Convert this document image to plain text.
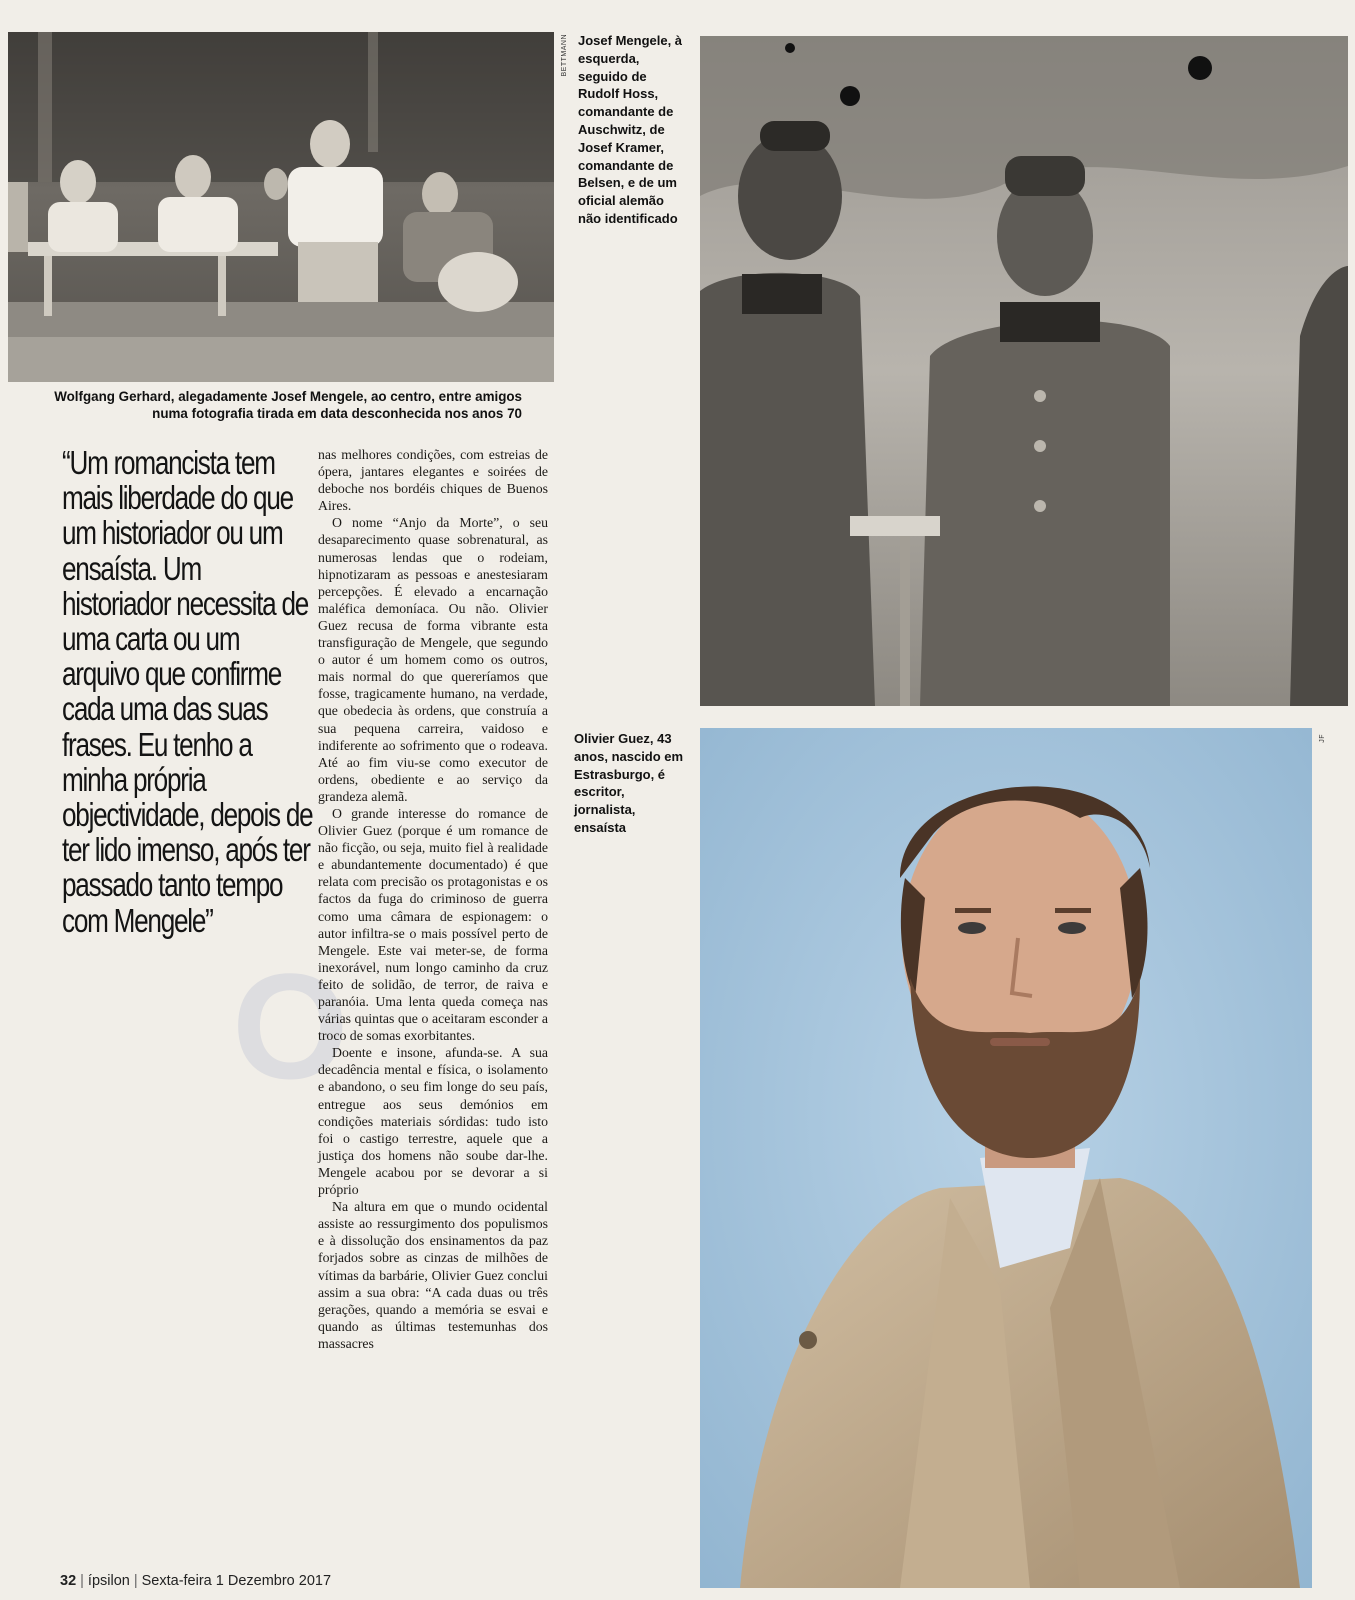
O
BETTMANN
JF
Wolfgang Gerhard, alegadamente Josef Mengele, ao centro, entre amigos numa fotografia tirada em data desconhecida nos anos 70
Josef Mengele, à esquerda, seguido de Rudolf Hoss, comandante de Auschwitz, de Josef Kramer, comandante de Belsen, e de um oficial alemão não identificado
Olivier Guez, 43 anos, nascido em Estrasburgo, é escritor, jornalista, ensaísta
“Um romancista tem mais liberdade do que um historiador ou um ensaísta. Um historiador necessita de uma carta ou um arquivo que confirme cada uma das suas frases. Eu tenho a minha própria objectividade, depois de ter lido imenso, após ter passado tanto tempo com Mengele”

nas melhores condições, com estreias de ópera, jantares elegantes e soirées de deboche nos bordéis chiques de Buenos Aires.

O nome “Anjo da Morte”, o seu desaparecimento quase sobrenatural, as numerosas lendas que o rodeiam, hipnotizaram as pessoas e anestesiaram percepções. É elevado a encarnação maléfica demoníaca. Ou não. Olivier Guez recusa de forma vibrante esta transfiguração de Mengele, que segundo o autor é um homem como os outros, mais normal do que quereríamos que fosse, tragicamente humano, na verdade, que obedecia às ordens, que construía a sua pequena carreira, vaidoso e indiferente ao sofrimento que o rodeava. Até ao fim viu-se como executor de ordens, obediente e ao serviço da grandeza alemã.

O grande interesse do romance de Olivier Guez (porque é um romance de não ficção, ou seja, muito fiel à realidade e abundantemente documentado) é que relata com precisão os protagonistas e os factos da fuga do criminoso de guerra como uma câmara de espionagem: o autor infiltra-se o mais possível perto de Mengele. Este vai meter-se, de forma inexorável, num longo caminho da cruz feito de solidão, de terror, de raiva e paranóia. Uma lenta queda começa nas várias quintas que o aceitaram esconder a troco de somas exorbitantes.

Doente e insone, afunda-se. A sua decadência mental e física, o isolamento e abandono, o seu fim longe do seu país, entregue aos seus demónios em condições materiais sórdidas: tudo isto foi o castigo terrestre, aquele que a justiça dos homens não soube dar-lhe. Mengele acabou por se devorar a si próprio

Na altura em que o mundo ocidental assiste ao ressurgimento dos populismos e à dissolução dos ensinamentos da paz forjados sobre as cinzas de milhões de vítimas da barbárie, Olivier Guez conclui assim a sua obra: “A cada duas ou três gerações, quando a memória se esvai e quando as últimas testemunhas dos massacres

32 | ípsilon | Sexta-feira 1 Dezembro 2017
